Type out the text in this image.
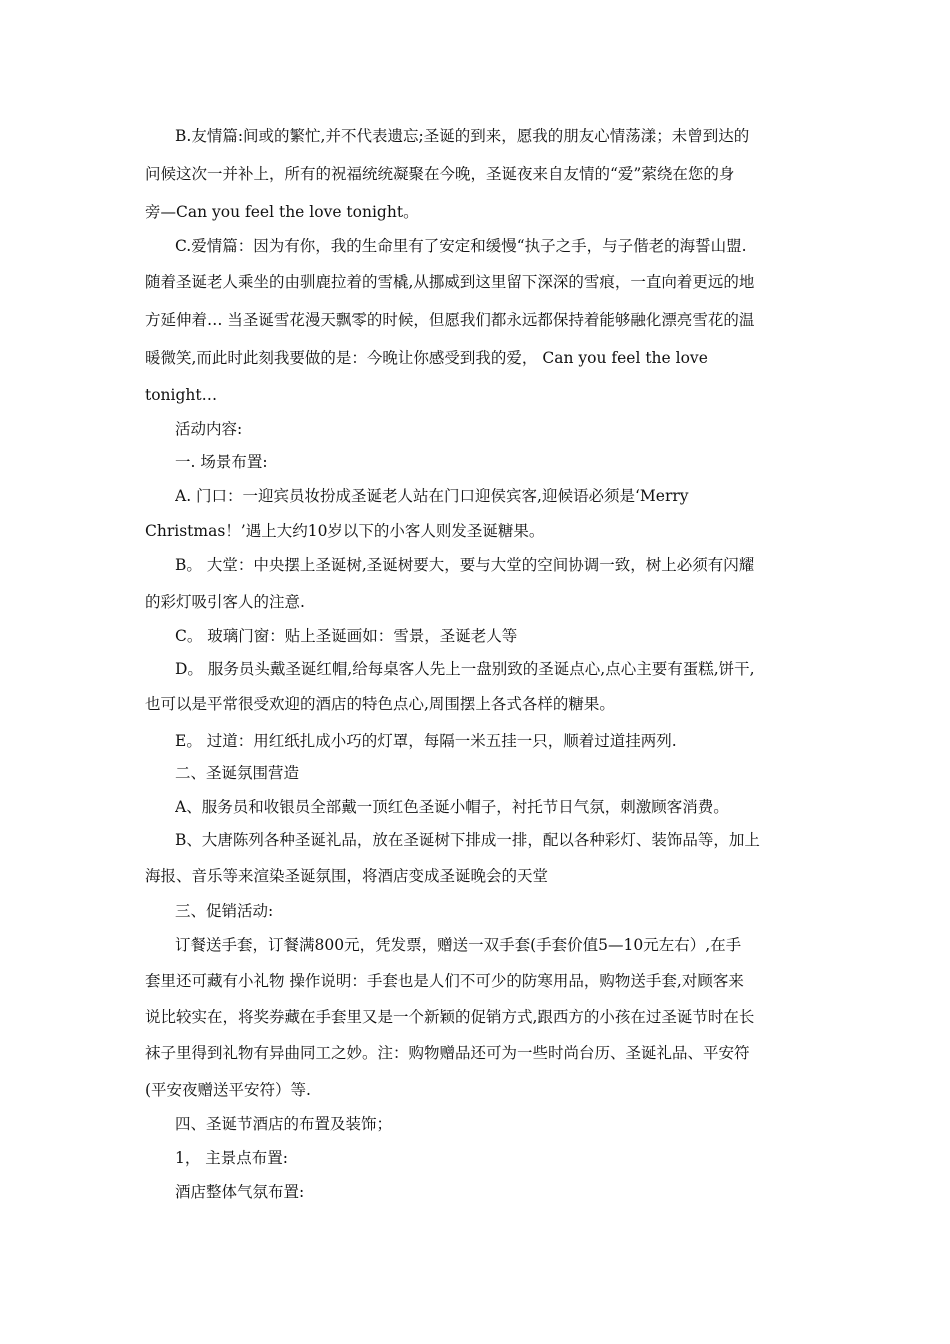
B.友情篇:间或的繁忙,并不代表遗忘;圣诞的到来，愿我的朋友心情荡漾；未曾到达的
问候这次一并补上，所有的祝福统统凝聚在今晚，圣诞夜来自友情的“爱”萦绕在您的身
旁—Can you feel the love tonight。
C.爱情篇：因为有你，我的生命里有了安定和缓慢“执子之手，与子偕老的海誓山盟.
随着圣诞老人乘坐的由驯鹿拉着的雪橇,从挪威到这里留下深深的雪痕，一直向着更远的地
方延伸着… 当圣诞雪花漫天飘零的时候，但愿我们都永远都保持着能够融化漂亮雪花的温
暖微笑,而此时此刻我要做的是：今晚让你感受到我的爱， Can you feel the love
tonight…
活动内容:
一. 场景布置:
A. 门口：一迎宾员妆扮成圣诞老人站在门口迎侯宾客,迎候语必须是‘Merry
Christmas！’遇上大约10岁以下的小客人则发圣诞糖果。
B。 大堂：中央摆上圣诞树,圣诞树要大，要与大堂的空间协调一致，树上必须有闪耀
的彩灯吸引客人的注意.
C。 玻璃门窗：贴上圣诞画如：雪景，圣诞老人等
D。 服务员头戴圣诞红帽,给每桌客人先上一盘别致的圣诞点心,点心主要有蛋糕,饼干,
也可以是平常很受欢迎的酒店的特色点心,周围摆上各式各样的糖果。
E。 过道：用红纸扎成小巧的灯罩，每隔一米五挂一只，顺着过道挂两列.
二、圣诞氛围营造
A、服务员和收银员全部戴一顶红色圣诞小帽子，衬托节日气氛，刺激顾客消费。
B、大唐陈列各种圣诞礼品，放在圣诞树下排成一排，配以各种彩灯、装饰品等，加上
海报、音乐等来渲染圣诞氛围，将酒店变成圣诞晚会的天堂
三、促销活动:
订餐送手套，订餐满800元，凭发票，赠送一双手套(手套价值5—10元左右）,在手
套里还可藏有小礼物 操作说明：手套也是人们不可少的防寒用品，购物送手套,对顾客来
说比较实在，将奖券藏在手套里又是一个新颖的促销方式,跟西方的小孩在过圣诞节时在长
袜子里得到礼物有异曲同工之妙。注：购物赠品还可为一些时尚台历、圣诞礼品、平安符
(平安夜赠送平安符）等.
四、圣诞节酒店的布置及装饰；
1， 主景点布置:
酒店整体气氛布置:
